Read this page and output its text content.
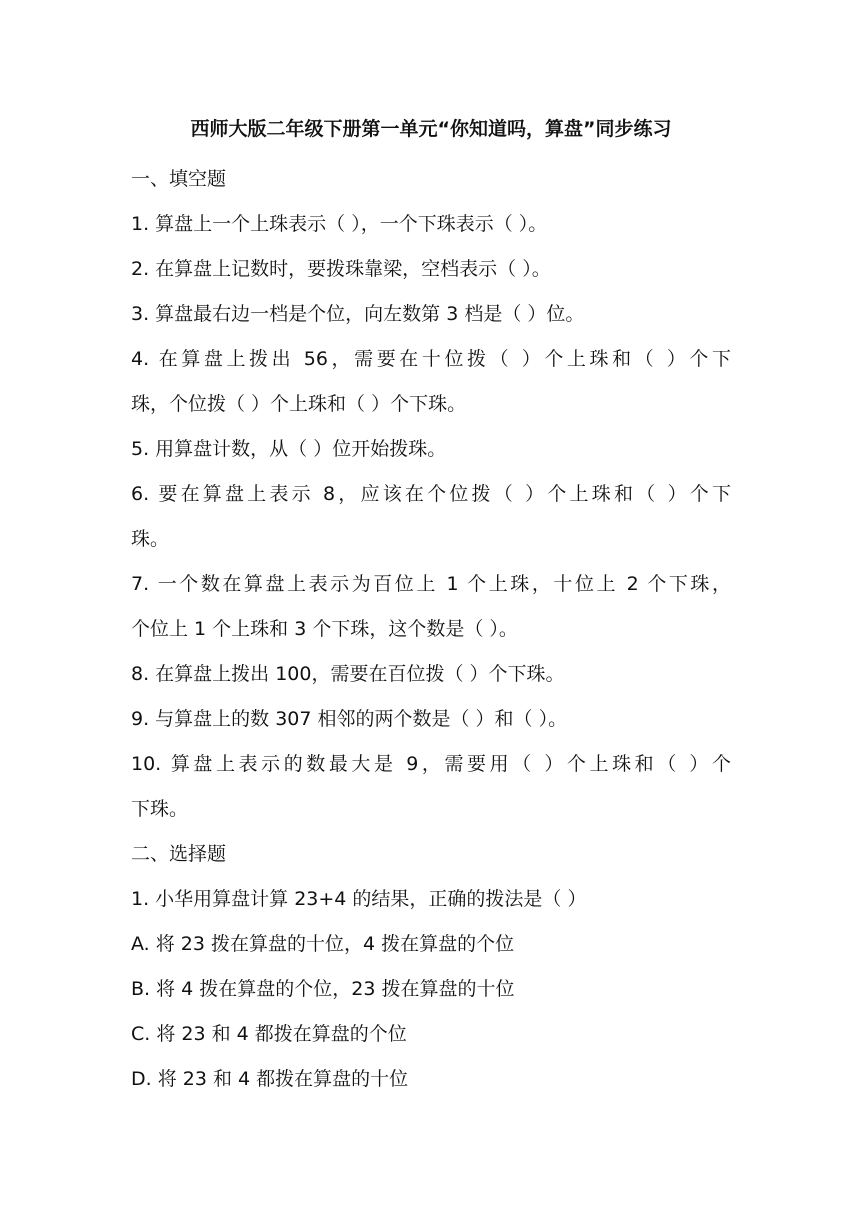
西师大版二年级下册第一单元“你知道吗，算盘”同步练习
一、填空题
1. 算盘上一个上珠表示（ ），一个下珠表示（ ）。
2. 在算盘上记数时，要拨珠靠梁，空档表示（ ）。
3. 算盘最右边一档是个位，向左数第 3 档是（ ）位。
4. 在算盘上拨出 56，需要在十位拨（ ）个上珠和（ ）个下
珠，个位拨（ ）个上珠和（ ）个下珠。
5. 用算盘计数，从（ ）位开始拨珠。
6. 要在算盘上表示 8，应该在个位拨（ ）个上珠和（ ）个下
珠。
7. 一个数在算盘上表示为百位上 1 个上珠，十位上 2 个下珠，
个位上 1 个上珠和 3 个下珠，这个数是（ ）。
8. 在算盘上拨出 100，需要在百位拨（ ）个下珠。
9. 与算盘上的数 307 相邻的两个数是（ ）和（ ）。
10. 算盘上表示的数最大是 9，需要用（ ）个上珠和（ ）个
下珠。
二、选择题
1. 小华用算盘计算 23+4 的结果，正确的拨法是（ ）
A. 将 23 拨在算盘的十位，4 拨在算盘的个位
B. 将 4 拨在算盘的个位，23 拨在算盘的十位
C. 将 23 和 4 都拨在算盘的个位
D. 将 23 和 4 都拨在算盘的十位
